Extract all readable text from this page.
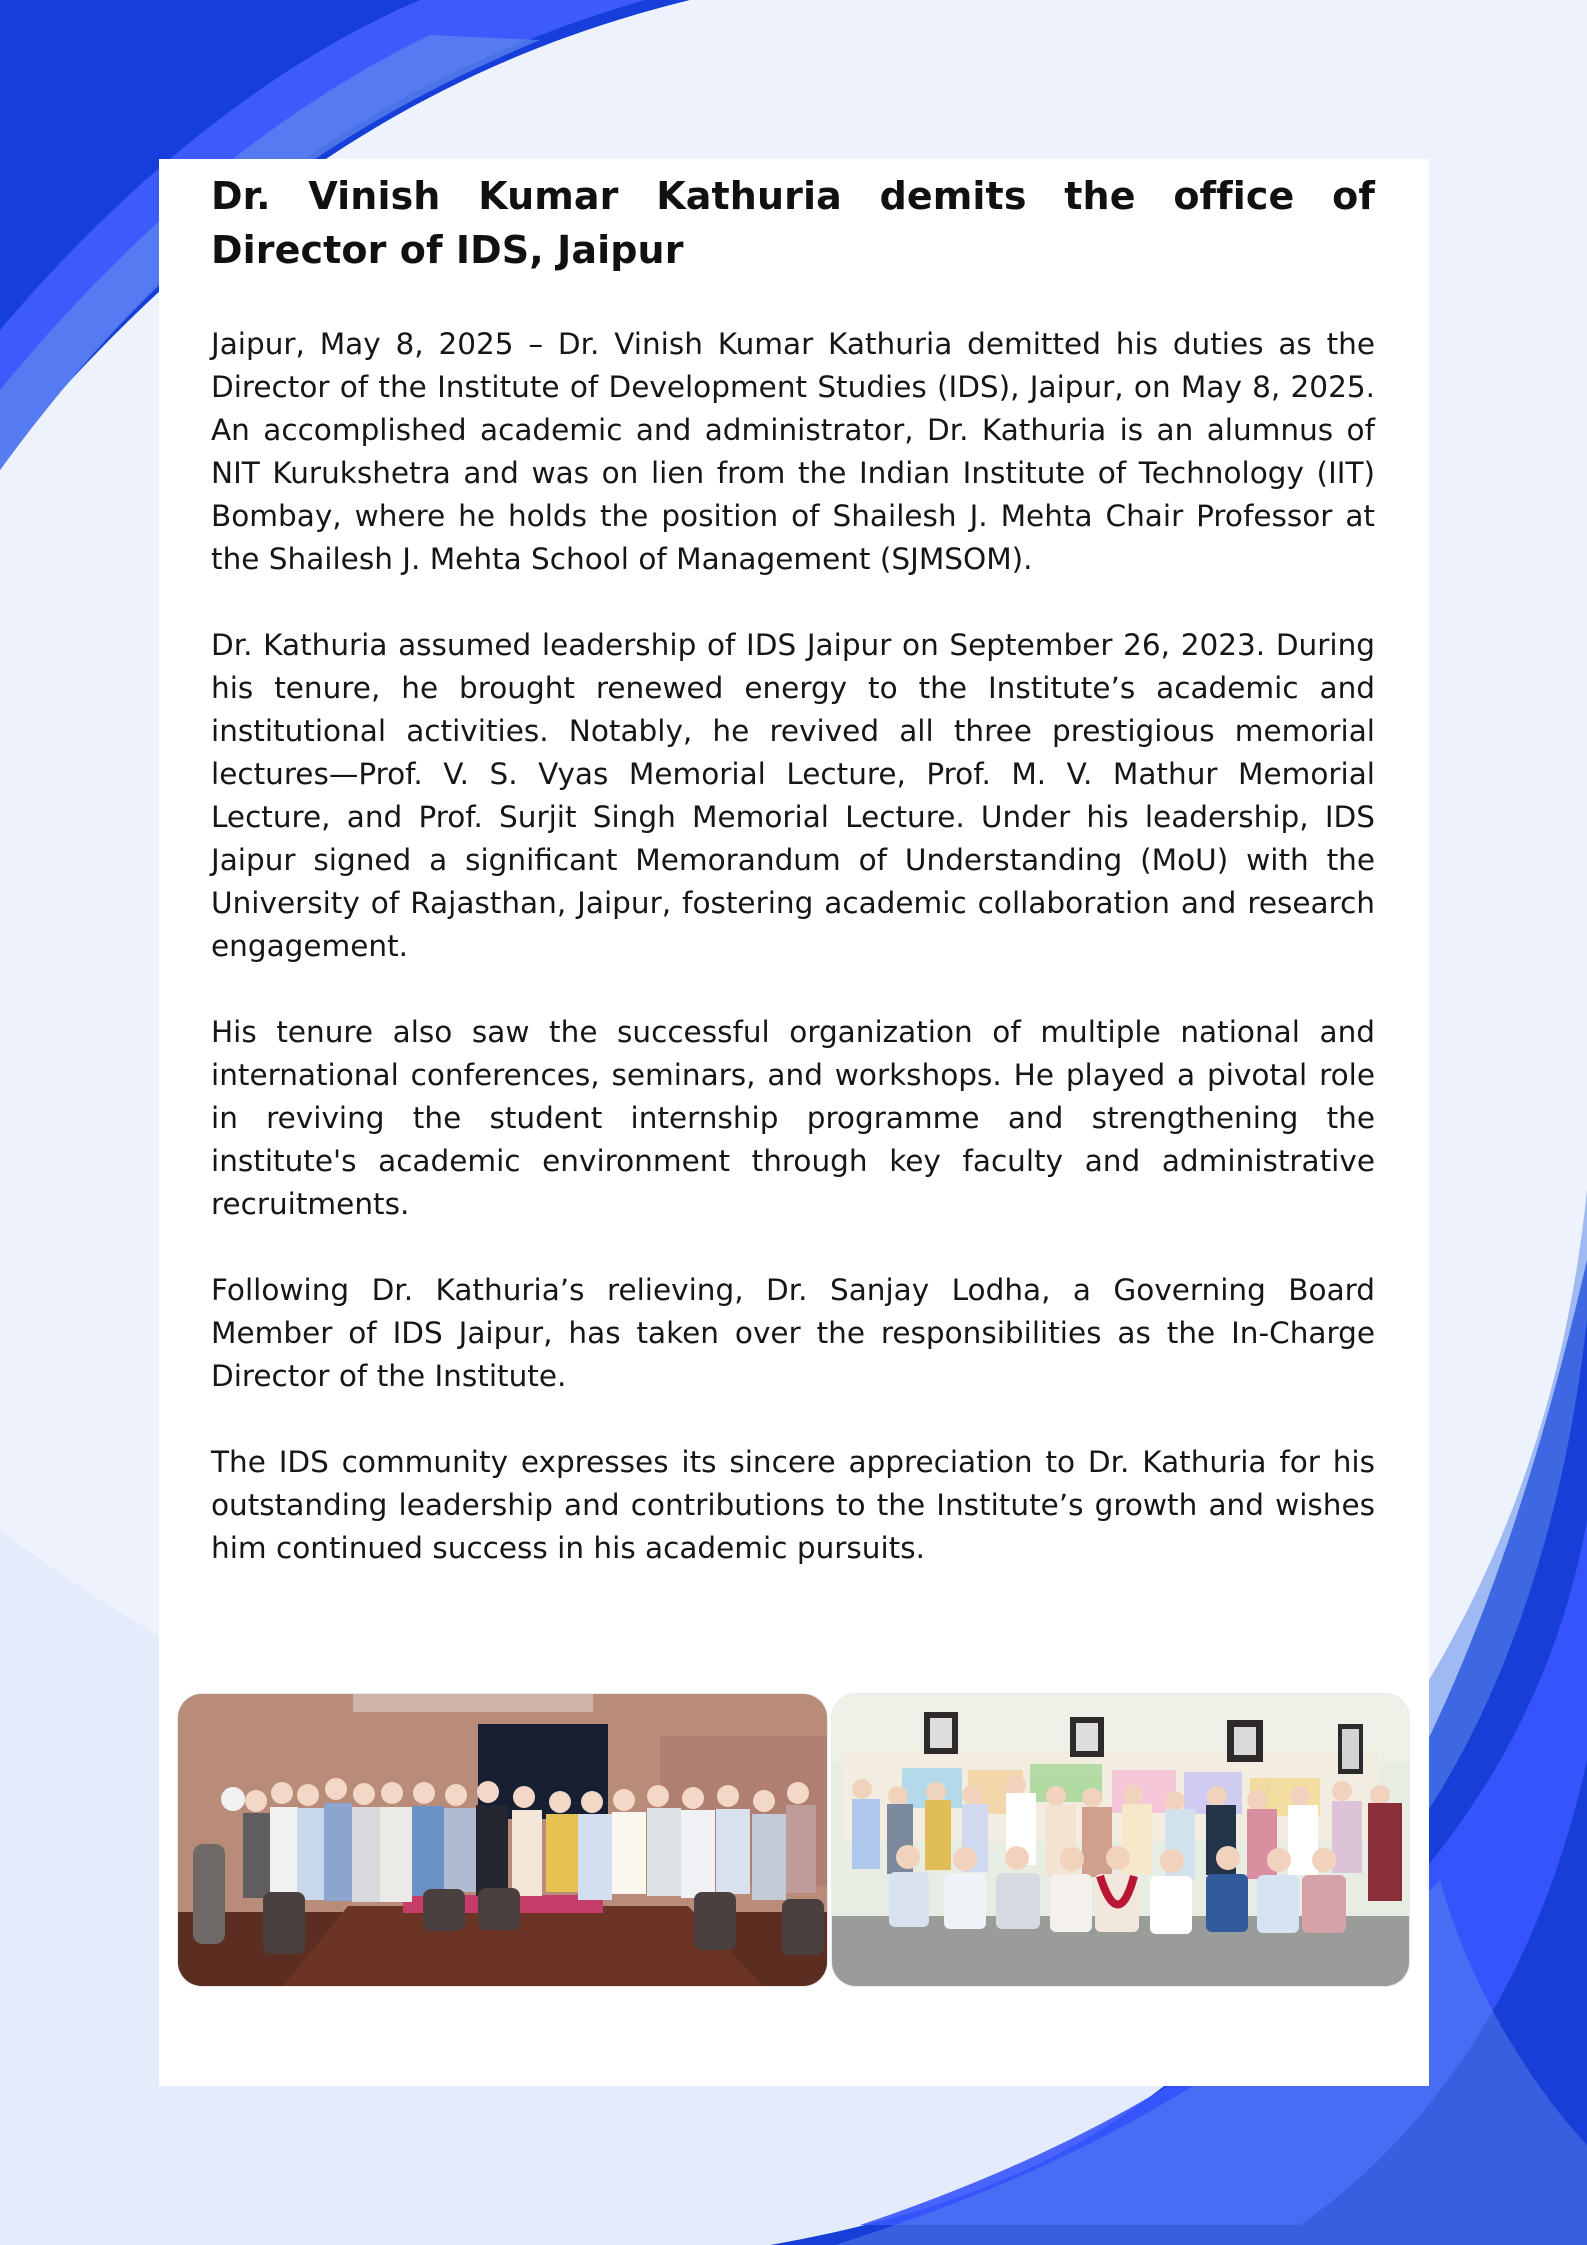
Dr. Vinish Kumar Kathuria demits the office of Director of IDS, Jaipur

Jaipur, May 8, 2025 – Dr. Vinish Kumar Kathuria demitted his duties as the Director of the Institute of Development Studies (IDS), Jaipur, on May 8, 2025. An accomplished academic and administrator, Dr. Kathuria is an alumnus of NIT Kurukshetra and was on lien from the Indian Institute of Technology (IIT) Bombay, where he holds the position of Shailesh J. Mehta Chair Professor at the Shailesh J. Mehta School of Management (SJMSOM).

Dr. Kathuria assumed leadership of IDS Jaipur on September 26, 2023. During his tenure, he brought renewed energy to the Institute’s academic and institutional activities. Notably, he revived all three prestigious memorial lectures—Prof. V. S. Vyas Memorial Lecture, Prof. M. V. Mathur Memorial Lecture, and Prof. Surjit Singh Memorial Lecture. Under his leadership, IDS Jaipur signed a significant Memorandum of Understanding (MoU) with the University of Rajasthan, Jaipur, fostering academic collaboration and research engagement.

His tenure also saw the successful organization of multiple national and international conferences, seminars, and workshops. He played a pivotal role in reviving the student internship programme and strengthening the institute's academic environment through key faculty and administrative recruitments.

Following Dr. Kathuria’s relieving, Dr. Sanjay Lodha, a Governing Board Member of IDS Jaipur, has taken over the responsibilities as the In-Charge Director of the Institute.

The IDS community expresses its sincere appreciation to Dr. Kathuria for his outstanding leadership and contributions to the Institute’s growth and wishes him continued success in his academic pursuits.
